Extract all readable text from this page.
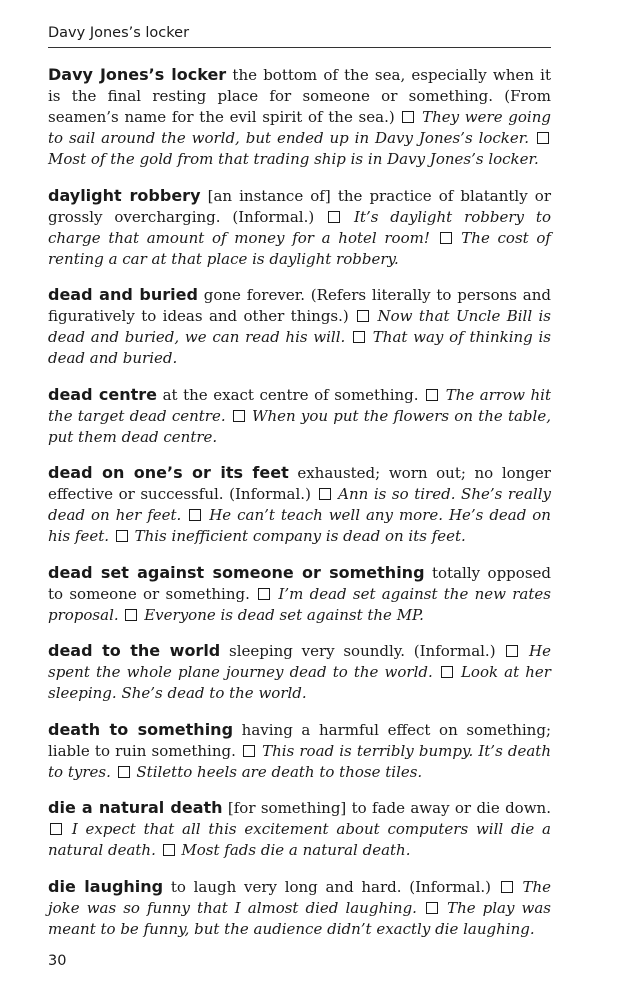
Davy Jones’s locker

Davy Jones’s locker the bottom of the sea, especially when it is the final resting place for someone or something. (From seamen’s name for the evil spirit of the sea.) They were going to sail around the world, but ended up in Davy Jones’s locker.  Most of the gold from that trading ship is in Davy Jones’s locker.

daylight robbery [an instance of] the practice of blatantly or grossly overcharging. (Informal.)	It’s daylight robbery to charge that amount of money for a hotel room! The cost of renting a car at that place is daylight robbery.

dead and buried gone forever. (Refers literally to persons and figuratively to ideas and other things.) Now that Uncle Bill is dead and buried, we can read his will. That way of thinking is dead and buried.

dead centre at the exact centre of something. The arrow hit the target dead centre. When you put the flowers on the table, put them dead centre.

dead on one’s or its feet exhausted; worn out; no longer effective or successful. (Informal.) Ann is so tired. She’s really dead on her feet. He can’t teach well any more. He’s dead on his feet. This inefficient company is dead on its feet.

dead set against someone or something totally opposed to someone or something. I’m dead set against the new rates proposal. Everyone is dead set against the MP.

dead to the world sleeping very soundly. (Informal.) He spent the whole plane journey dead to the world. Look at her sleeping. She’s dead to the world.

death to something having a harmful effect on something; liable to ruin something. This road is terribly bumpy. It’s death to tyres. Stiletto heels are death to those tiles.

die a natural death [for something] to fade away or die down.  I expect that all this excitement about computers will die a natural death. Most fads die a natural death.

die laughing to laugh very long and hard. (Informal.) The joke was so funny that I almost died laughing. The play was meant to be funny, but the audience didn’t exactly die laughing.

30
